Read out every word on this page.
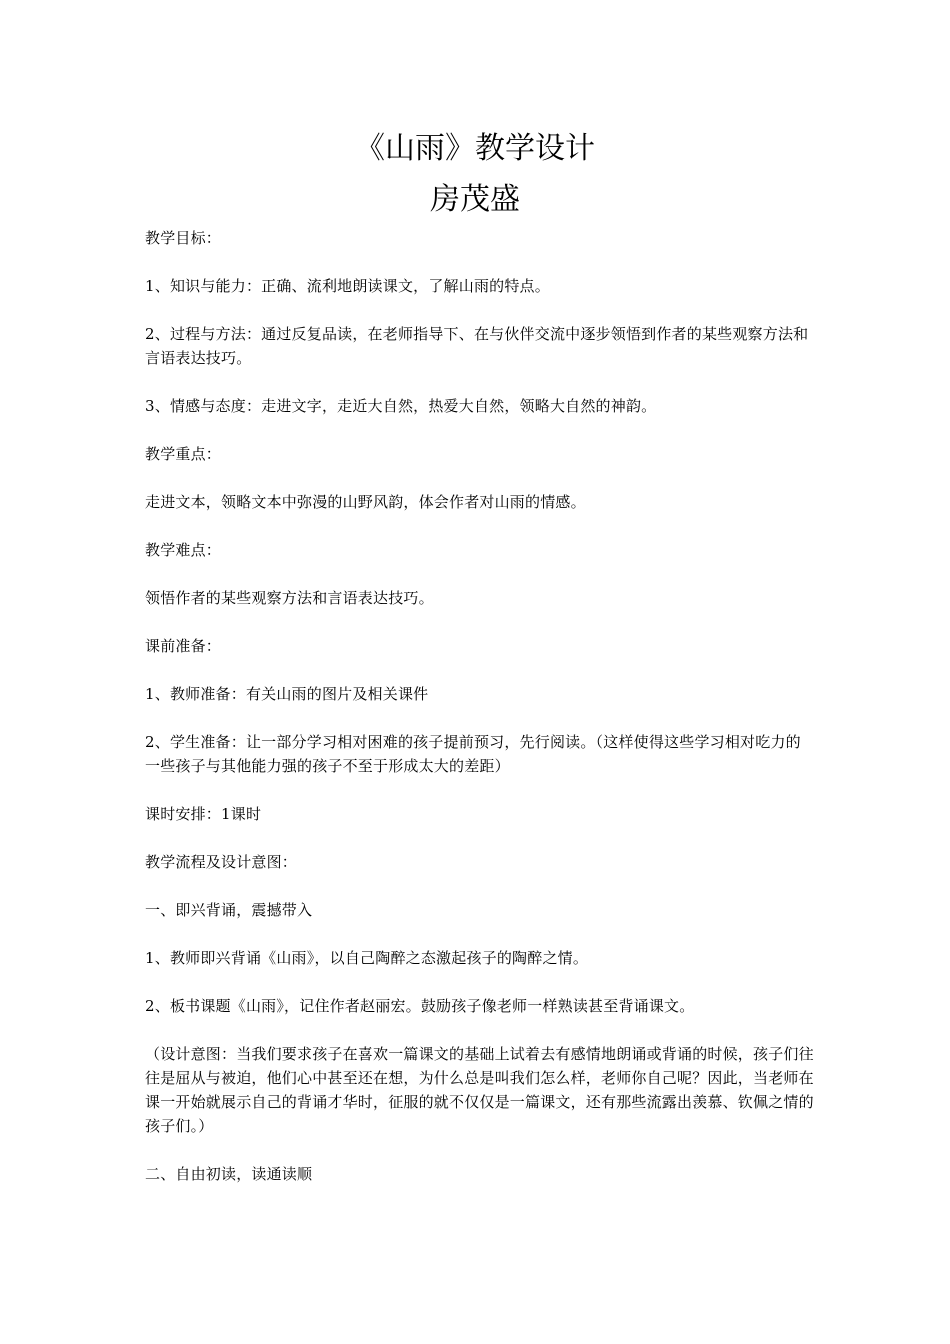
《山雨》教学设计
房茂盛

教学目标：

1、知识与能力：正确、流利地朗读课文，了解山雨的特点。

2、过程与方法：通过反复品读，在老师指导下、在与伙伴交流中逐步领悟到作者的某些观察方法和言语表达技巧。

3、情感与态度：走进文字，走近大自然，热爱大自然，领略大自然的神韵。

教学重点：

走进文本，领略文本中弥漫的山野风韵，体会作者对山雨的情感。

教学难点：

领悟作者的某些观察方法和言语表达技巧。

课前准备：

1、教师准备：有关山雨的图片及相关课件

2、学生准备：让一部分学习相对困难的孩子提前预习，先行阅读。（这样使得这些学习相对吃力的一些孩子与其他能力强的孩子不至于形成太大的差距）

课时安排：1课时

教学流程及设计意图：

一、即兴背诵，震撼带入

1、教师即兴背诵《山雨》，以自己陶醉之态激起孩子的陶醉之情。

2、板书课题《山雨》，记住作者赵丽宏。鼓励孩子像老师一样熟读甚至背诵课文。

（设计意图：当我们要求孩子在喜欢一篇课文的基础上试着去有感情地朗诵或背诵的时候，孩子们往往是屈从与被迫，他们心中甚至还在想，为什么总是叫我们怎么样，老师你自己呢？因此，当老师在课一开始就展示自己的背诵才华时，征服的就不仅仅是一篇课文，还有那些流露出羡慕、钦佩之情的孩子们。）

二、自由初读，读通读顺
